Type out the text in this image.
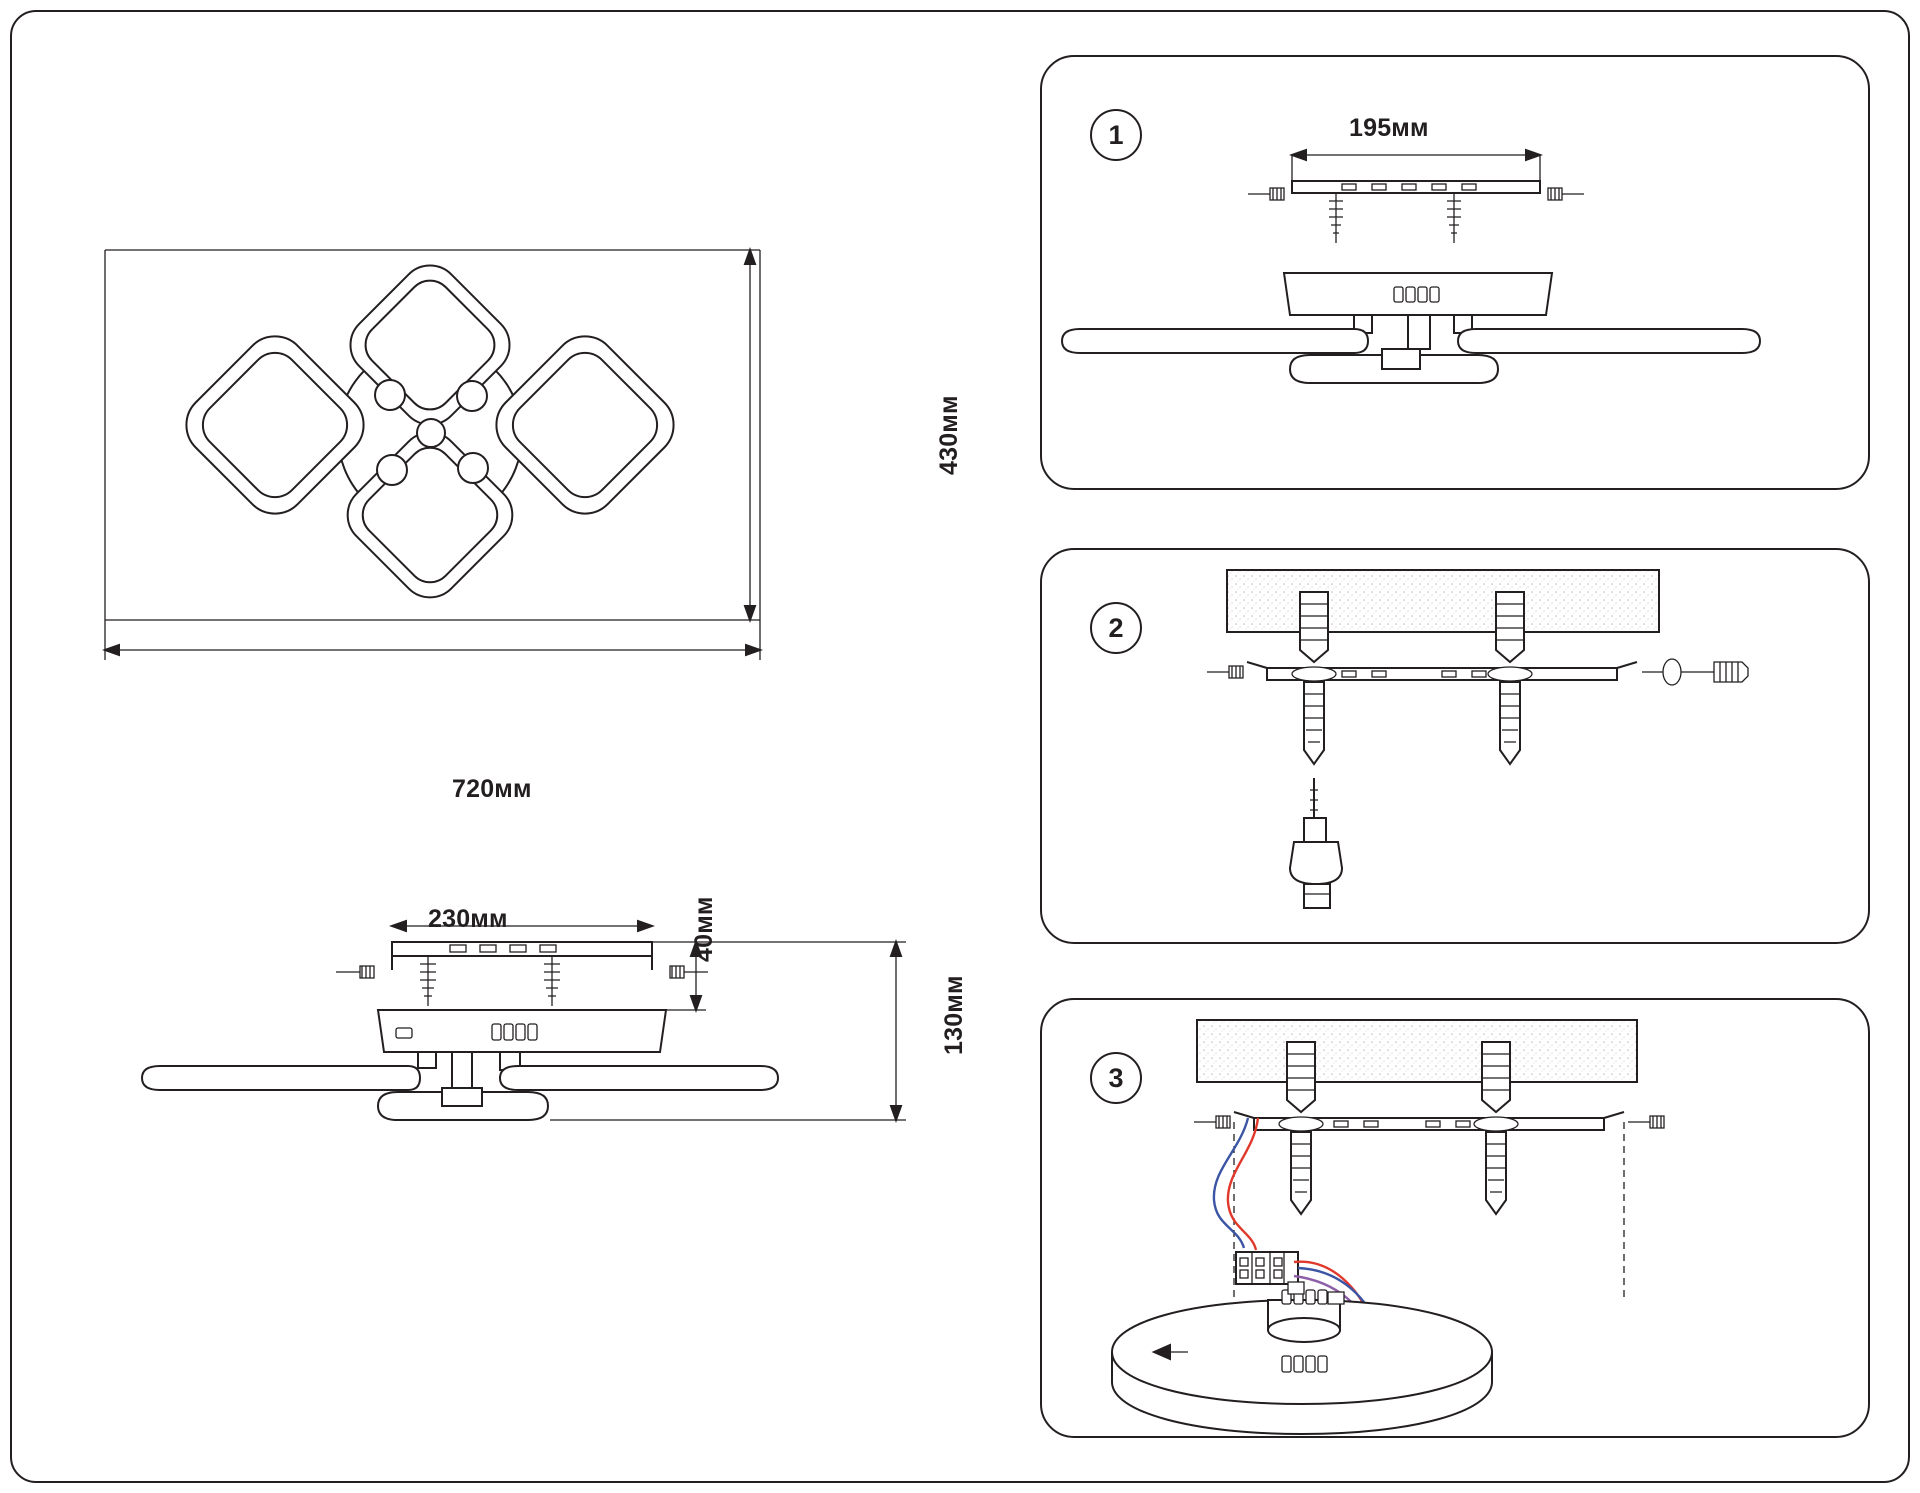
720мм
430мм
230мм	40мм
130мм
1	195мм
2
3
